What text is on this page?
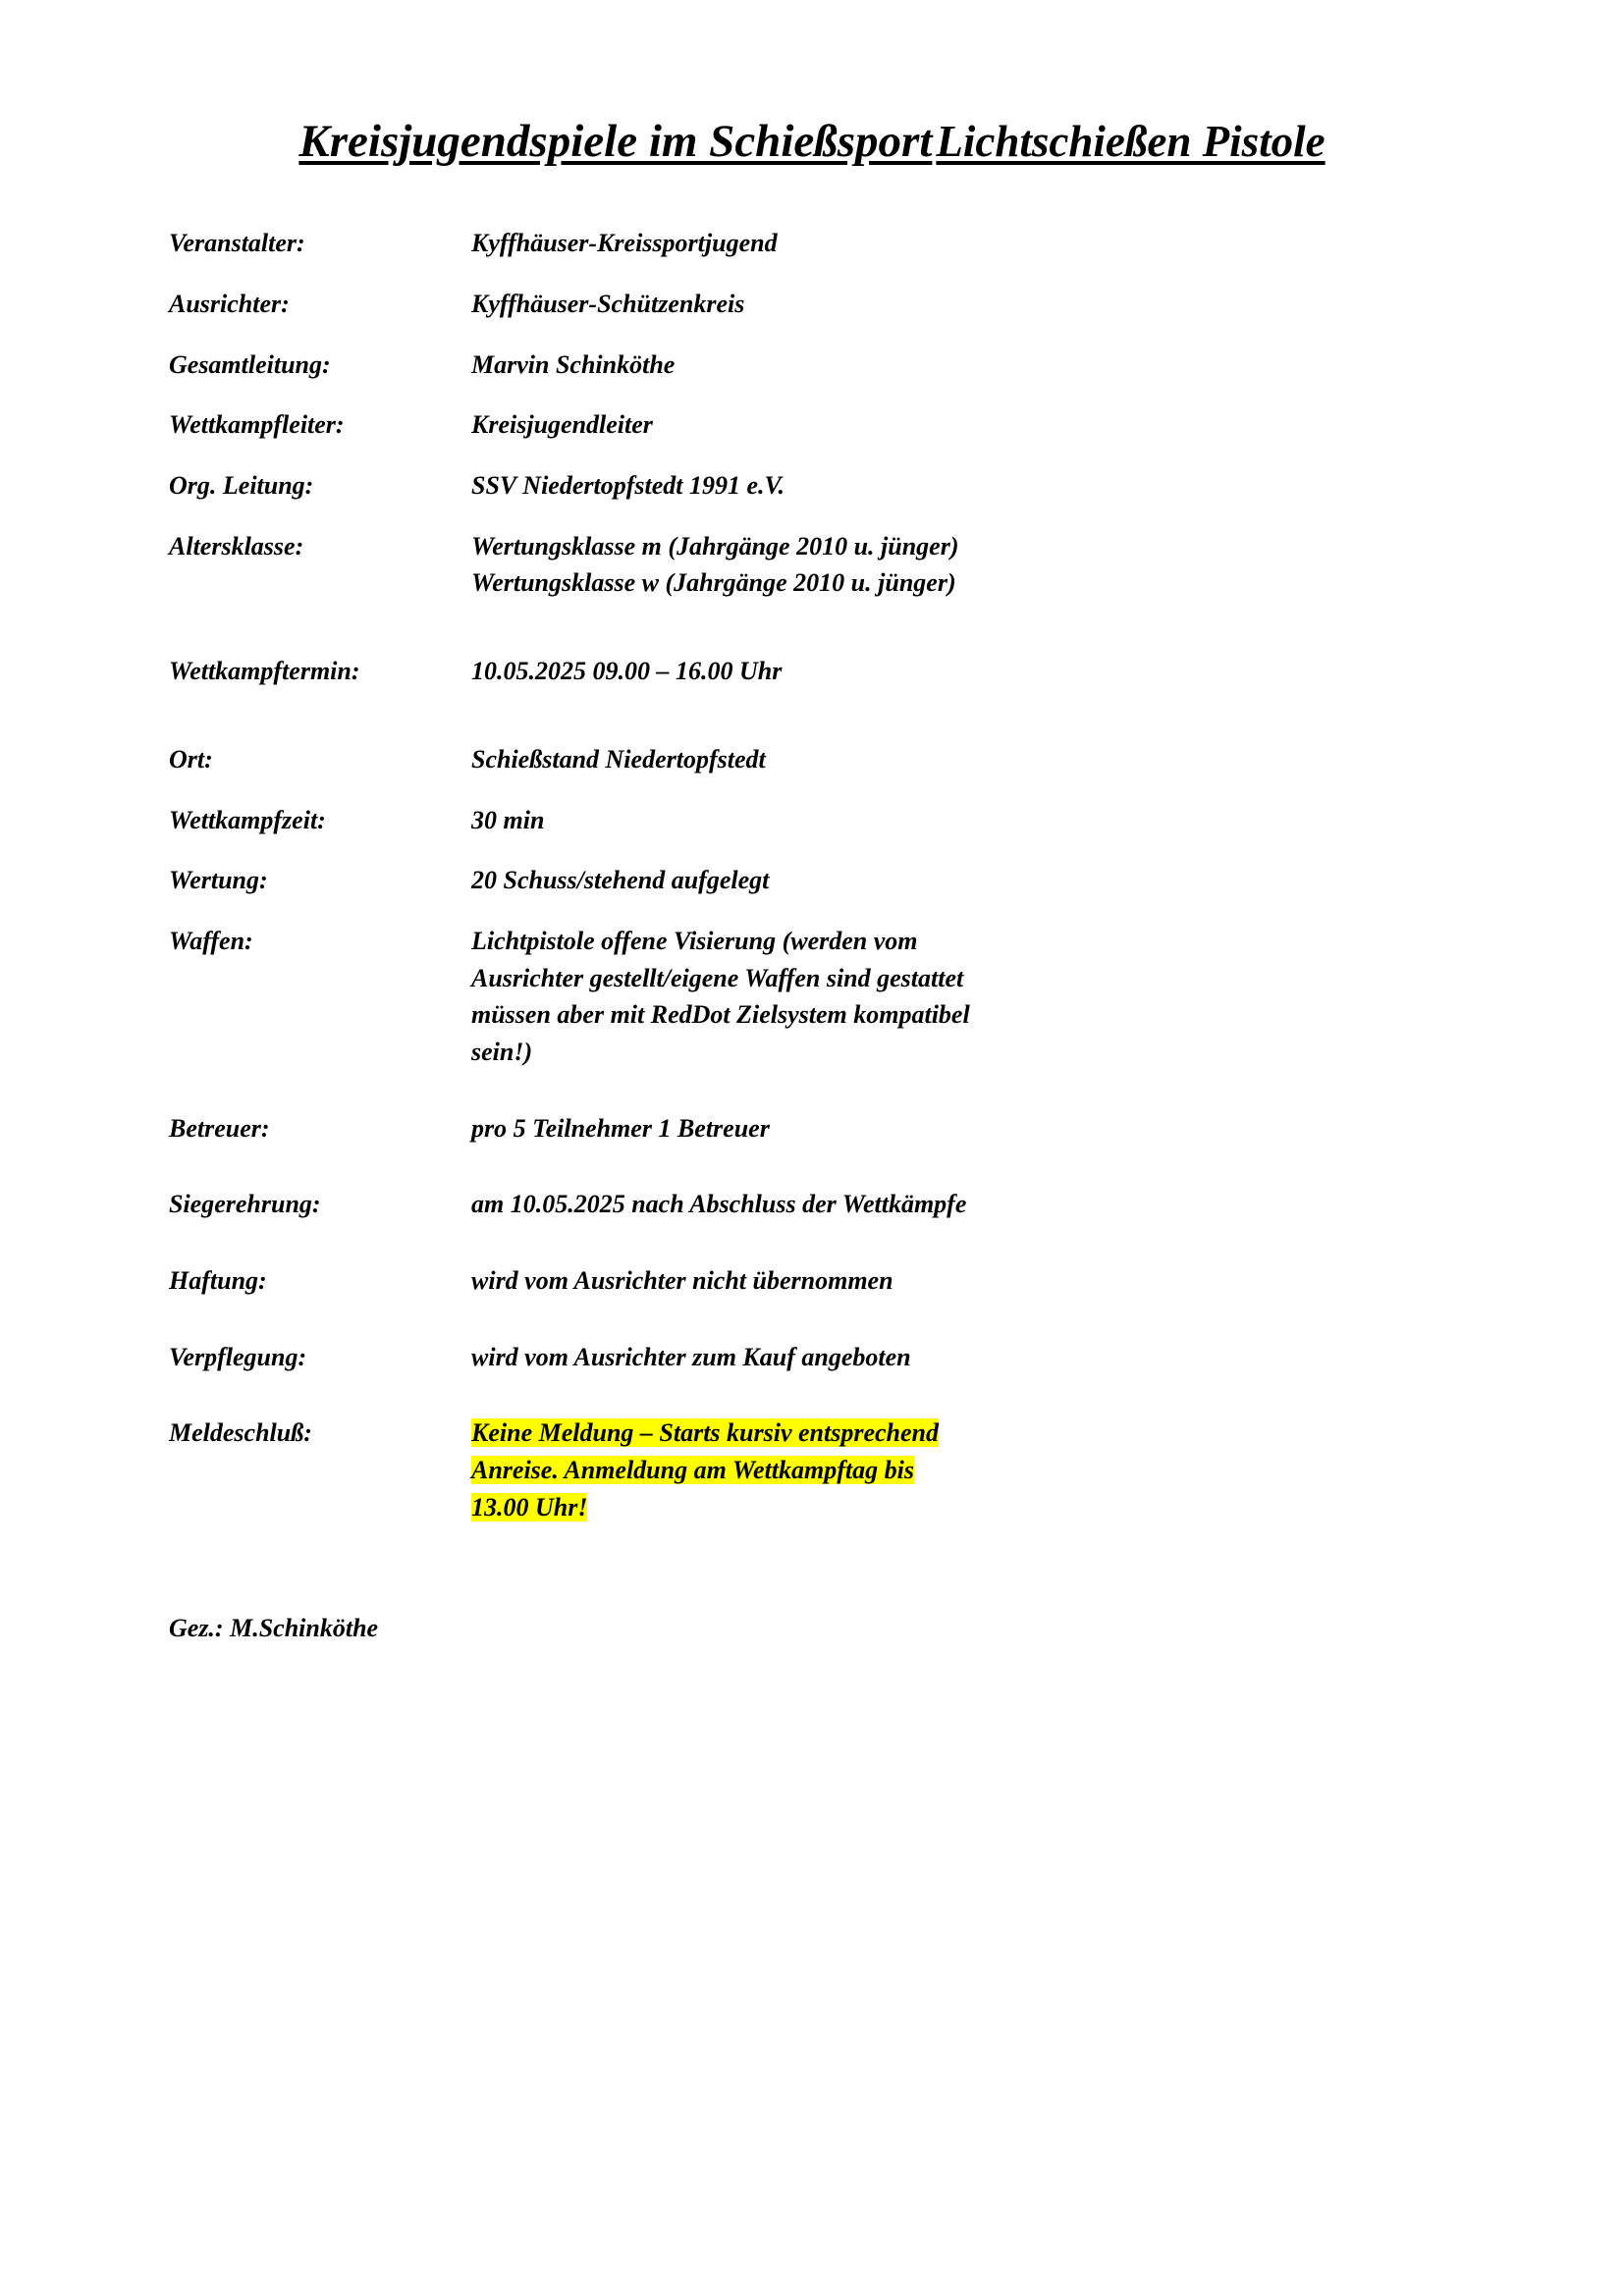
Kreisjugendspiele im Schießsport Lichtschießen Pistole
Veranstalter:	Kyffhäuser-Kreissportjugend
Ausrichter:	Kyffhäuser-Schützenkreis
Gesamtleitung:	Marvin Schinköthe
Wettkampfleiter:	Kreisjugendleiter
Org. Leitung:	SSV Niedertopfstedt 1991 e.V.
Altersklasse:	Wertungsklasse m (Jahrgänge 2010 u. jünger)
Wertungsklasse w (Jahrgänge 2010 u. jünger)
Wettkampftermin:	10.05.2025 09.00 – 16.00 Uhr
Ort:	Schießstand Niedertopfstedt
Wettkampfzeit:	30 min
Wertung:	20 Schuss/stehend aufgelegt
Waffen:	Lichtpistole offene Visierung (werden vom
Ausrichter gestellt/eigene Waffen sind gestattet
müssen aber mit RedDot Zielsystem kompatibel
sein!)
Betreuer:	pro 5 Teilnehmer 1 Betreuer
Siegerehrung:	am 10.05.2025 nach Abschluss der Wettkämpfe
Haftung:	wird vom Ausrichter nicht übernommen
Verpflegung:	wird vom Ausrichter zum Kauf angeboten
Meldeschluß:	Keine Meldung – Starts kursiv entsprechend
Anreise. Anmeldung am Wettkampftag bis
13.00 Uhr!
Gez.: M.Schinköthe
